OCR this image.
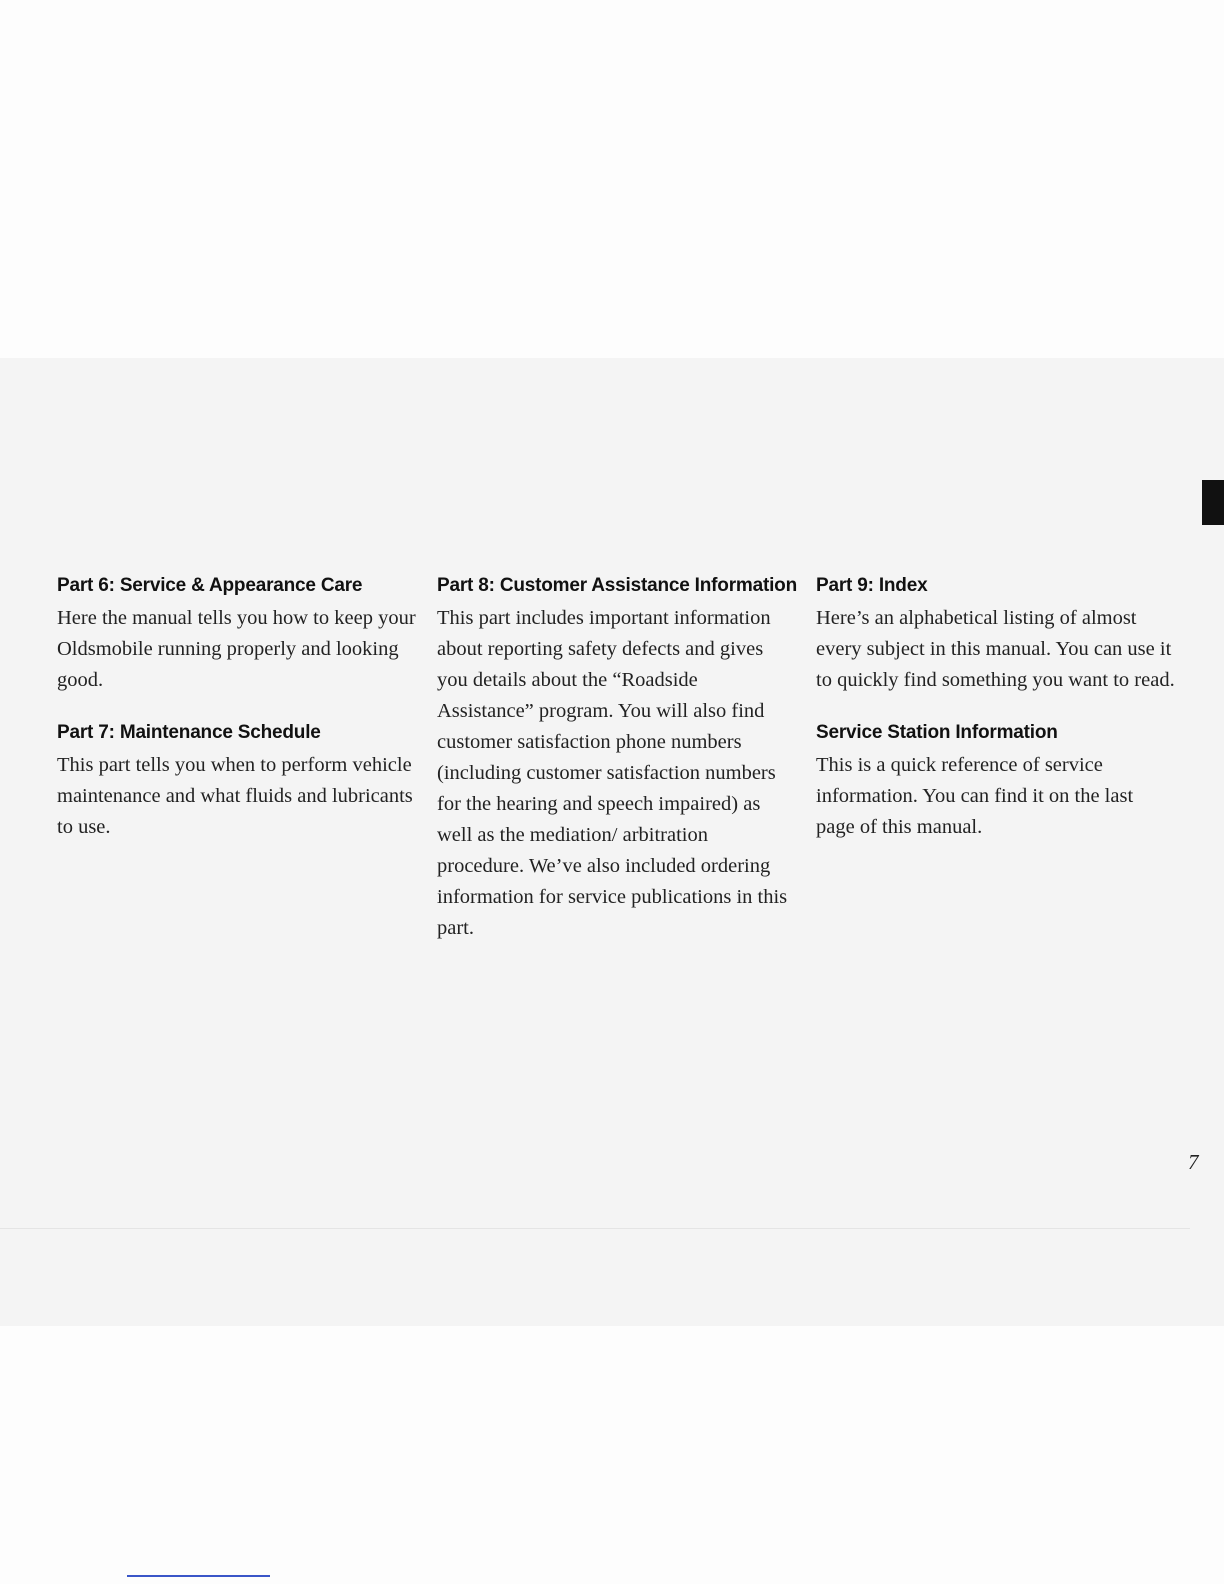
Part 6: Service & Appearance Care

Here the manual tells you how to keep your Oldsmobile running properly and looking good.

Part 7: Maintenance Schedule

This part tells you when to perform vehicle maintenance and what fluids and lubricants to use.

Part 8: Customer Assistance Information

This part includes important information about reporting safety defects and gives you details about the “Roadside Assistance” program. You will also find customer satisfaction phone numbers (including customer satisfaction numbers for the hearing and speech impaired) as well as the mediation/ arbitration procedure. We’ve also included ordering information for service publications in this part.

Part 9: Index

Here’s an alphabetical listing of almost every subject in this manual. You can use it to quickly find something you want to read.

Service Station Information

This is a quick reference of service information. You can find it on the last page of this manual.

7
